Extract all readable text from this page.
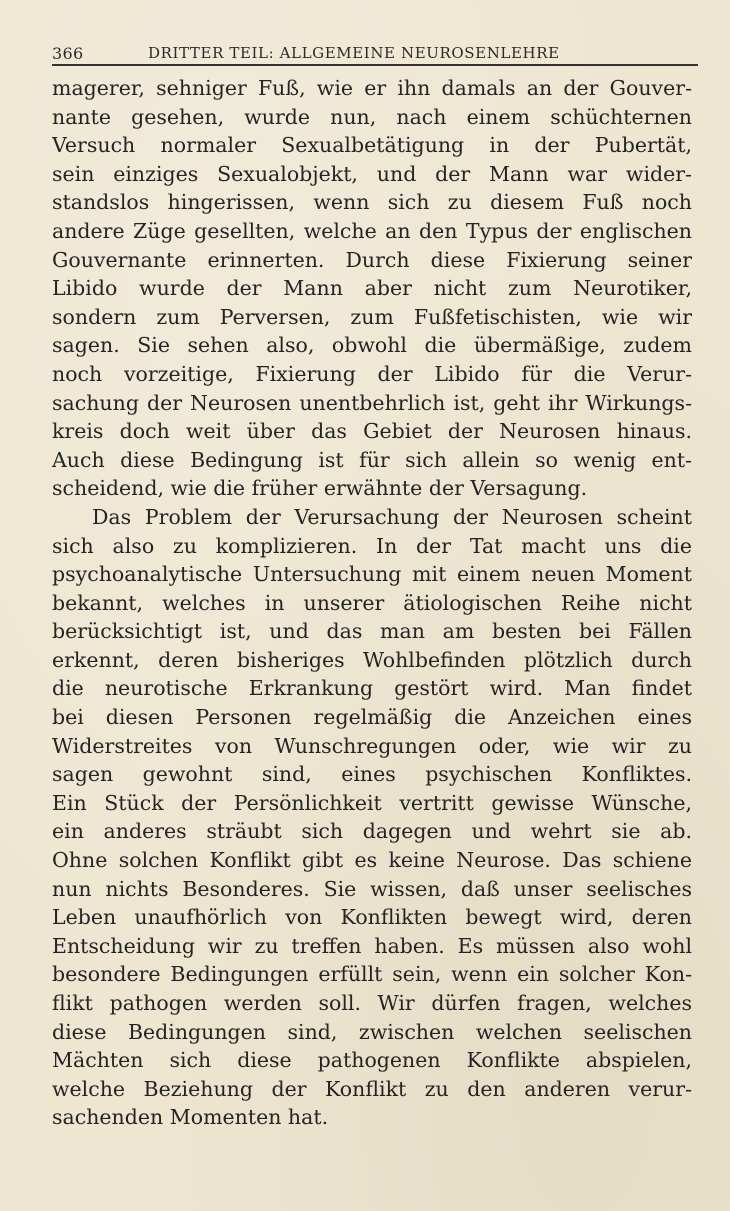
366	DRITTER TEIL: ALLGEMEINE NEUROSENLEHRE
magerer, sehniger Fuß, wie er ihn damals an der Gouver-
nante gesehen, wurde nun, nach einem schüchternen
Versuch normaler Sexualbetätigung in der Pubertät,
sein einziges Sexualobjekt, und der Mann war wider-
standslos hingerissen, wenn sich zu diesem Fuß noch
andere Züge gesellten, welche an den Typus der englischen
Gouvernante erinnerten. Durch diese Fixierung seiner
Libido wurde der Mann aber nicht zum Neurotiker,
sondern zum Perversen, zum Fußfetischisten, wie wir
sagen. Sie sehen also, obwohl die übermäßige, zudem
noch vorzeitige, Fixierung der Libido für die Verur-
sachung der Neurosen unentbehrlich ist, geht ihr Wirkungs-
kreis doch weit über das Gebiet der Neurosen hinaus.
Auch diese Bedingung ist für sich allein so wenig ent-
scheidend, wie die früher erwähnte der Versagung.
Das Problem der Verursachung der Neurosen scheint
sich also zu komplizieren. In der Tat macht uns die
psychoanalytische Untersuchung mit einem neuen Moment
bekannt, welches in unserer ätiologischen Reihe nicht
berücksichtigt ist, und das man am besten bei Fällen
erkennt, deren bisheriges Wohlbefinden plötzlich durch
die neurotische Erkrankung gestört wird. Man findet
bei diesen Personen regelmäßig die Anzeichen eines
Widerstreites von Wunschregungen oder, wie wir zu
sagen gewohnt sind, eines psychischen Konfliktes.
Ein Stück der Persönlichkeit vertritt gewisse Wünsche,
ein anderes sträubt sich dagegen und wehrt sie ab.
Ohne solchen Konflikt gibt es keine Neurose. Das schiene
nun nichts Besonderes. Sie wissen, daß unser seelisches
Leben unaufhörlich von Konflikten bewegt wird, deren
Entscheidung wir zu treffen haben. Es müssen also wohl
besondere Bedingungen erfüllt sein, wenn ein solcher Kon-
flikt pathogen werden soll. Wir dürfen fragen, welches
diese Bedingungen sind, zwischen welchen seelischen
Mächten sich diese pathogenen Konflikte abspielen,
welche Beziehung der Konflikt zu den anderen verur-
sachenden Momenten hat.
